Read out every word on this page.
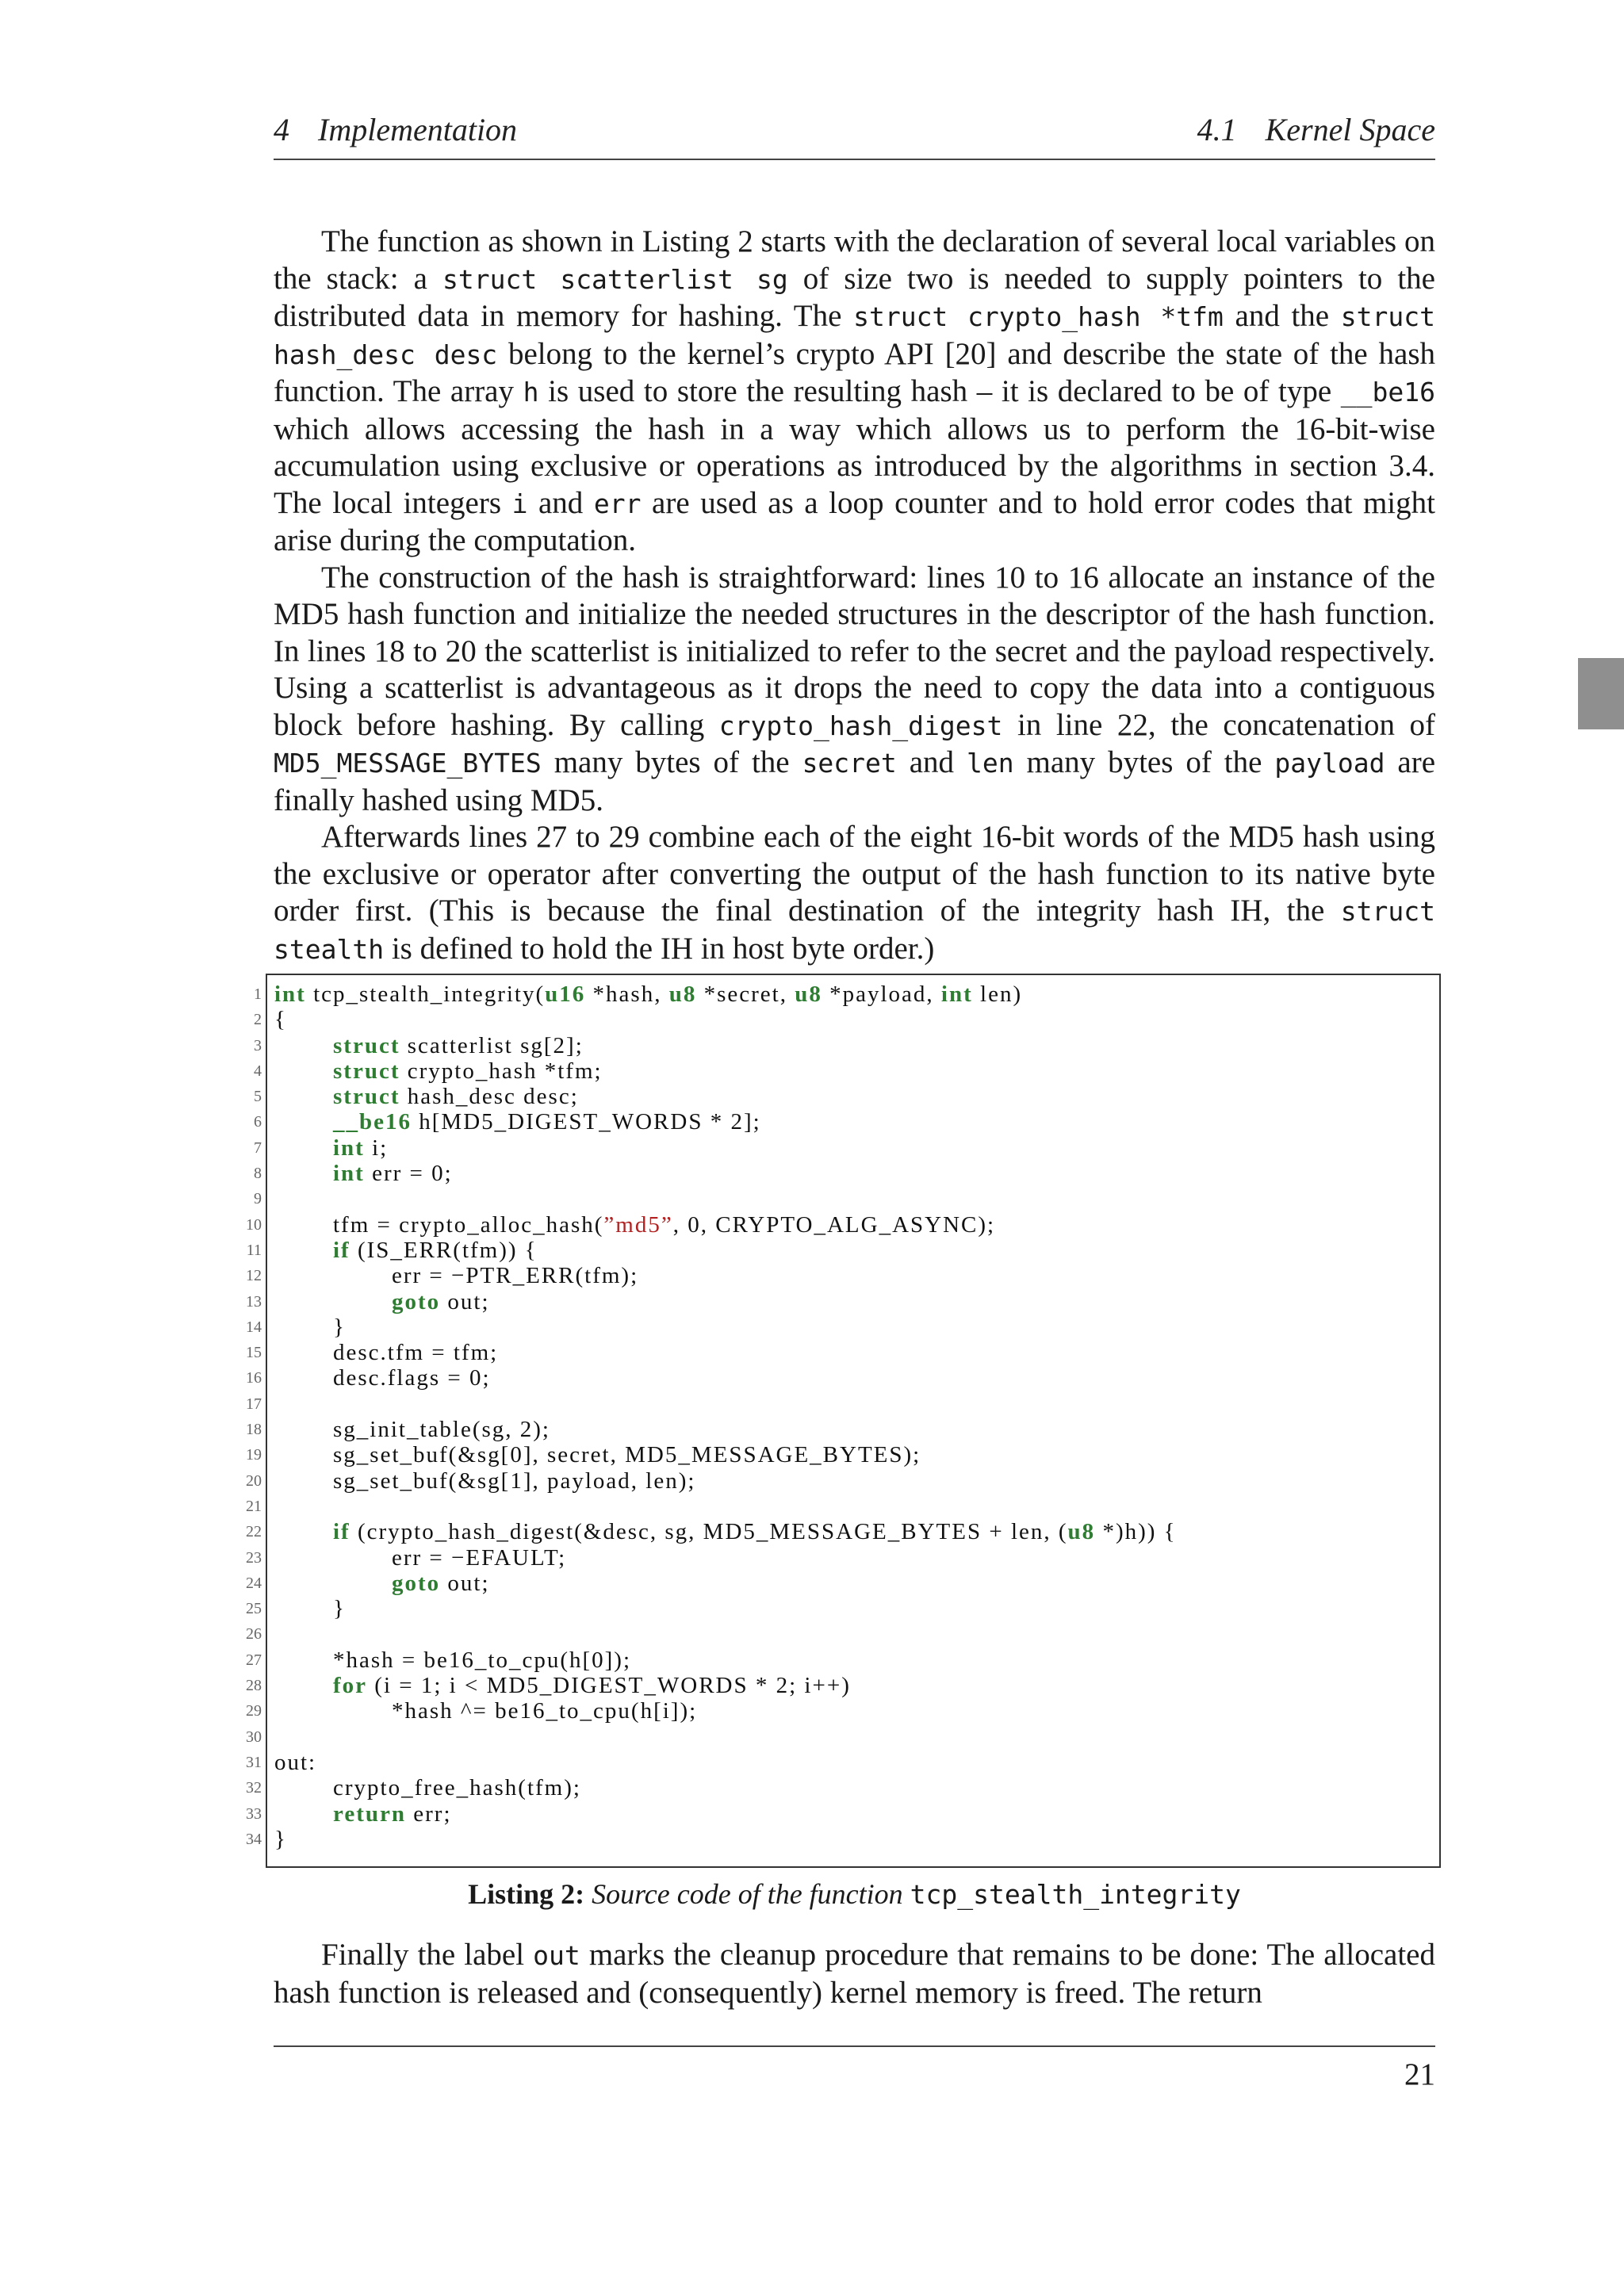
4 Implementation	4.1 Kernel Space

The function as shown in Listing 2 starts with the declaration of several local variables on the stack: a struct scatterlist sg of size two is needed to supply pointers to the distributed data in memory for hashing. The struct crypto_hash *tfm and the struct hash_desc desc belong to the kernel’s crypto API [20] and describe the state of the hash function. The array h is used to store the resulting hash – it is declared to be of type __be16 which allows accessing the hash in a way which allows us to perform the 16-bit-wise accumulation using exclusive or operations as introduced by the algorithms in section 3.4. The local integers i and err are used as a loop counter and to hold error codes that might arise during the computation.

The construction of the hash is straightforward: lines 10 to 16 allocate an instance of the MD5 hash function and initialize the needed structures in the descriptor of the hash function. In lines 18 to 20 the scatterlist is initialized to refer to the secret and the payload respectively. Using a scatterlist is advantageous as it drops the need to copy the data into a contiguous block before hashing. By calling crypto_hash_digest in line 22, the concatenation of MD5_MESSAGE_BYTES many bytes of the secret and len many bytes of the payload are finally hashed using MD5.

Afterwards lines 27 to 29 combine each of the eight 16-bit words of the MD5 hash using the exclusive or operator after converting the output of the hash function to its native byte order first. (This is because the final destination of the integrity hash IH, the struct stealth is defined to hold the IH in host byte order.)

1 int tcp_stealth_integrity(u16 *hash, u8 *secret, u8 *payload, int len)
2 {
3	struct scatterlist sg[2];
4	struct crypto_hash *tfm;
5	struct hash_desc desc;
6	__be16 h[MD5_DIGEST_WORDS * 2];
7	int i;
8	int err = 0;
9
10 tfm = crypto_alloc_hash(”md5”, 0, CRYPTO_ALG_ASYNC);
11	if (IS_ERR(tfm)) {
12 err = −PTR_ERR(tfm);
13	goto out;
14 }
15 desc.tfm = tfm;
16 desc.flags = 0;
17
18 sg_init_table(sg, 2);
19 sg_set_buf(&sg[0], secret, MD5_MESSAGE_BYTES);
20 sg_set_buf(&sg[1], payload, len);
21
22	if (crypto_hash_digest(&desc, sg, MD5_MESSAGE_BYTES + len, (u8 *)h)) {
23 err = −EFAULT;
24	goto out;
25 }
26
27 *hash = be16_to_cpu(h[0]);
28	for (i = 1; i < MD5_DIGEST_WORDS * 2; i++)
29 *hash ^= be16_to_cpu(h[i]);
30
31 out:
32 crypto_free_hash(tfm);
33	return err;
34 }
Listing 2: Source code of the function tcp_stealth_integrity

Finally the label out marks the cleanup procedure that remains to be done: The allocated hash function is released and (consequently) kernel memory is freed. The return

21
